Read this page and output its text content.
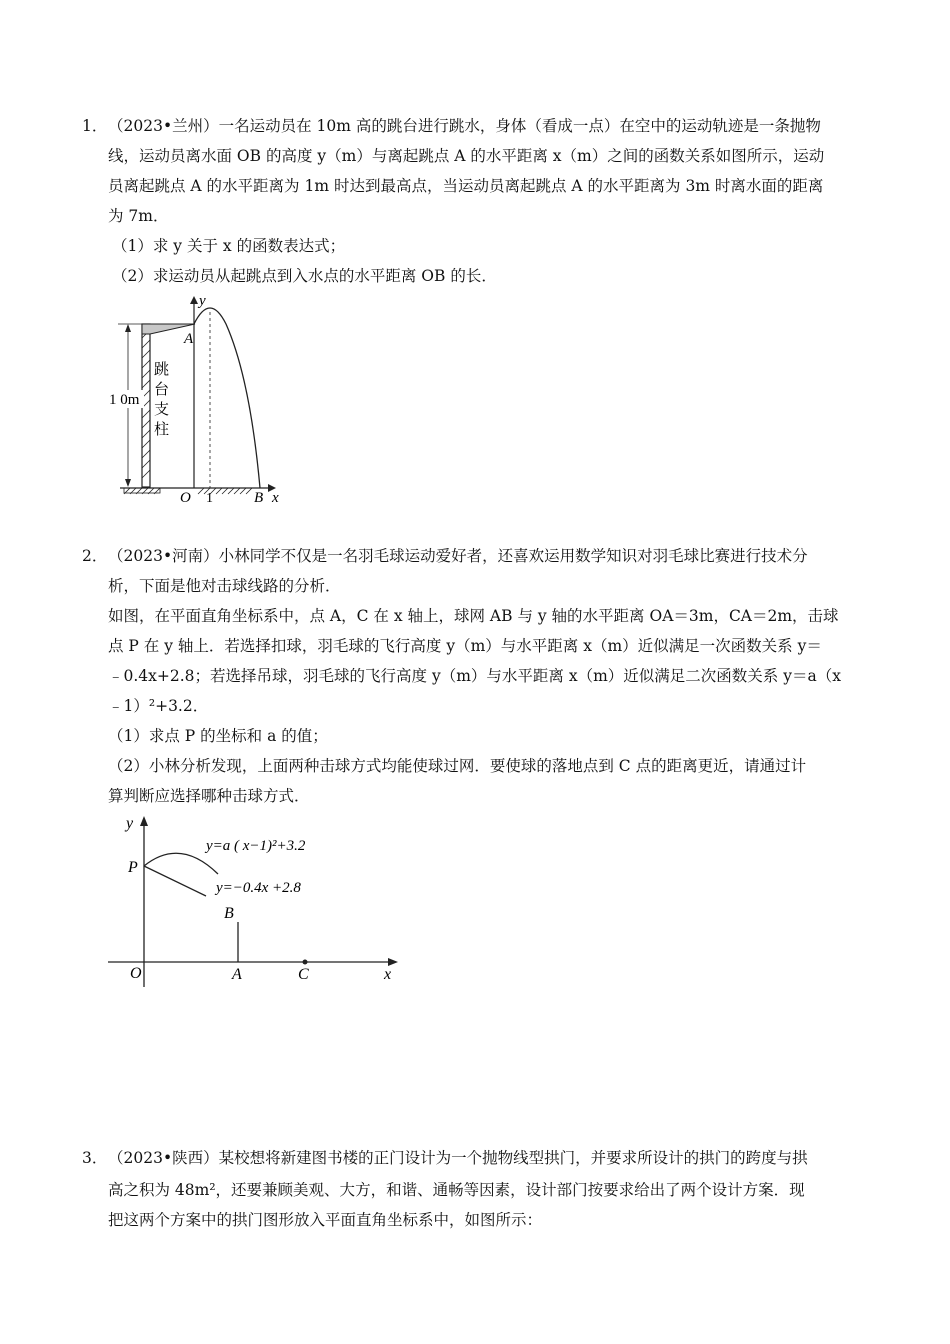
1． （2023•兰州）一名运动员在 10m 高的跳台进行跳水，身体（看成一点）在空中的运动轨迹是一条抛物
线，运动员离水面 OB 的高度 y（m）与离起跳点 A 的水平距离 x（m）之间的函数关系如图所示，运动
员离起跳点 A 的水平距离为 1m 时达到最高点，当运动员离起跳点 A 的水平距离为 3m 时离水面的距离
为 7m．
（1）求 y 关于 x 的函数表达式；
（2）求运动员从起跳点到入水点的水平距离 OB 的长．
1 0m
跳
台
支
柱
y
A
O 1	B x
2． （2023•河南）小林同学不仅是一名羽毛球运动爱好者，还喜欢运用数学知识对羽毛球比赛进行技术分
析，下面是他对击球线路的分析．
如图，在平面直角坐标系中，点 A，C 在 x 轴上，球网 AB 与 y 轴的水平距离 OA＝3m，CA＝2m，击球
点 P 在 y 轴上．若选择扣球，羽毛球的飞行高度 y（m）与水平距离 x（m）近似满足一次函数关系 y＝
﹣0.4x+2.8；若选择吊球，羽毛球的飞行高度 y（m）与水平距离 x（m）近似满足二次函数关系 y＝a（x
﹣1）²+3.2．
（1）求点 P 的坐标和 a 的值；
（2）小林分析发现，上面两种击球方式均能使球过网．要使球的落地点到 C 点的距离更近，请通过计
算判断应选择哪种击球方式．
y
x
O
P
y=a ( x−1)²+3.2
y=−0.4x +2.8
B
A	C
3． （2023•陕西）某校想将新建图书楼的正门设计为一个抛物线型拱门，并要求所设计的拱门的跨度与拱
高之积为 48m²，还要兼顾美观、大方，和谐、通畅等因素，设计部门按要求给出了两个设计方案．现
把这两个方案中的拱门图形放入平面直角坐标系中，如图所示：
